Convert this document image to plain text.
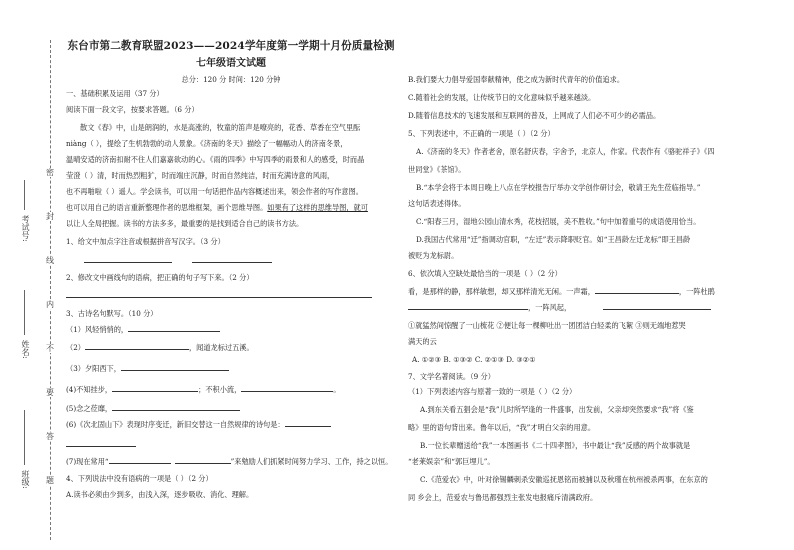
考试号:
姓名:
班级:
密
封
线
内
不
要
答
题
东台市第二教育联盟2023——2024学年度第一学期十月份质量检测
七年级语文试题
总分：120 分 时间：120 分钟
一、基础积累及运用（37 分）
阅读下面一段文字，按要求答题。（6 分）
散文《春》中，山是朗润的，水是高涨的，牧童的笛声是嘹亮的，花香、草香在空气里酝
niàng（ ），提绘了生机勃勃的动人景象。《济南的冬天》描绘了一幅幅动人的济南冬景，
温晴安适的济南扣耐不住人们嘉嘉欲动的心。《雨的四季》中写四季的雨景和人的感受，时而晶
莹澄（ ）清，时而热烈粗犷，时而端庄沉静，时而自然纯洁，时而充满诗意的风雨，
也不再啪啦（ ）遥人。学会读书，可以用一句话把作品内容概述出来，领会作者的写作意图。
也可以用自己的语言重新整理作者的思维框架，画个思维导图。如果有了这样的思维导图，就可
以让人全局把握。读书的方法多多，最重要的是找到适合自己的读书方法。
1、给文中加点字注音或根据拼音写汉字。（3 分）
2、修改文中画线句的语病，把正确的句子写下来。（2 分）
3、古诗名句默写。（10 分）
（1）风轻悄悄的，
（2）	，闻道龙标过五溪。
（3）夕阳西下，
(4)不知挂步，	；不积小流，	。
(5)念之莅靡，
(6)《次北固山下》表现时序变迁，新旧交替这一自然规律的诗句是：
(7)现在常用“	”来勉励人们抓紧时间努力学习、工作，持之以恒。
4、下列说法中没有语病的一项是（ ）（2 分）
A.读书必须由少到多，由浅入深，逐步吸收、消化、理解。
B.我们要大力倡导爱国奉献精神，使之成为新时代青年的价值追求。
C.随着社会的发展，让传统节日的文化意味似乎越来越淡。
D.随着信息技术的飞速发展和互联网的普及，上网成了人们必不可少的必需品。
5、下列表述中，不正确的一项是（ ）（2 分）
A.《济南的冬天》作者老舍，原名舒庆春，字舍予，北京人，作家。代表作有《骆驼祥子》《四
世同堂》《茶馆》。
B.“本学会将于本周日晚上八点在学校报告厅举办文学创作研讨会，敬请王先生莅临指导。”
这句话表述得体。
C.“阳春三月，湿地公园山清水秀，花枝招展，美不胜收。”句中加着重号的成语使用恰当。
D.我国古代常用“迁”指调动官职，“左迁”表示降职贬官。如“王昌龄左迁龙标”即王昌龄
被贬为龙标尉。
6、依次填入空缺处最恰当的一项是（ ）（2 分）
看，是那样的静，那样敏想，却又那样清光无闲。一声霜，	，一阵杜鹃
，一阵风起，
①就猛然间惊醒了一山梳花 ②便让每一棵柳吐出一团团洁白轻柔的飞絮 ③则无端地惹哭
满天的云
A. ①②③ B. ①③② C. ②①③ D. ③②①
7、文学名著阅读。（9 分）
（1）下列表述内容与原著一致的一项是（ ）（2 分）
A.到东关看五猖会是“我”儿时所罕逢的一件盛事，出发前，父亲却突然要求“我”将《鉴
略》里的语句背出来。鲁年以后，“我”才明白父亲的用意。
B.一位长辈赠送给“我”一本图画书《二十四孝图》，书中最让“我”反感的两个故事就是
“老莱娱亲”和“郭巨埋儿”。
C.《范爱农》中，叶对徐锡麟刺杀安徽巡抚恩铭而被捕以及秋瑾在杭州被杀两事，在东京的
同 乡会上，范爱农与鲁迅都强烈主张发电报痛斥清满政府。
